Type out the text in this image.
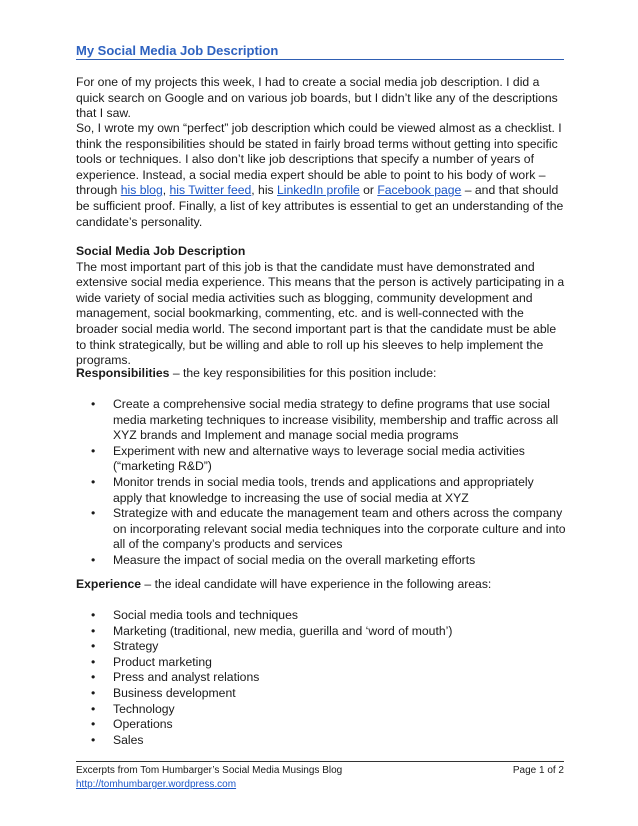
My Social Media Job Description
For one of my projects this week, I had to create a social media job description. I did a quick search on Google and on various job boards, but I didn’t like any of the descriptions that I saw.
So, I wrote my own “perfect” job description which could be viewed almost as a checklist. I think the responsibilities should be stated in fairly broad terms without getting into specific tools or techniques. I also don’t like job descriptions that specify a number of years of experience. Instead, a social media expert should be able to point to his body of work – through his blog, his Twitter feed, his LinkedIn profile or Facebook page – and that should be sufficient proof. Finally, a list of key attributes is essential to get an understanding of the candidate’s personality.
Social Media Job Description
The most important part of this job is that the candidate must have demonstrated and extensive social media experience. This means that the person is actively participating in a wide variety of social media activities such as blogging, community development and management, social bookmarking, commenting, etc. and is well-connected with the broader social media world. The second important part is that the candidate must be able to think strategically, but be willing and able to roll up his sleeves to help implement the programs.
Responsibilities – the key responsibilities for this position include:
• Create a comprehensive social media strategy to define programs that use social media marketing techniques to increase visibility, membership and traffic across all XYZ brands and Implement and manage social media programs
• Experiment with new and alternative ways to leverage social media activities (“marketing R&D”)
• Monitor trends in social media tools, trends and applications and appropriately apply that knowledge to increasing the use of social media at XYZ
• Strategize with and educate the management team and others across the company on incorporating relevant social media techniques into the corporate culture and into all of the company’s products and services
• Measure the impact of social media on the overall marketing efforts
Experience – the ideal candidate will have experience in the following areas:
• Social media tools and techniques
• Marketing (traditional, new media, guerilla and ‘word of mouth’)
• Strategy
• Product marketing
• Press and analyst relations
• Business development
• Technology
• Operations
• Sales
Excerpts from Tom Humbarger’s Social Media Musings Blog	Page 1 of 2
http://tomhumbarger.wordpress.com
